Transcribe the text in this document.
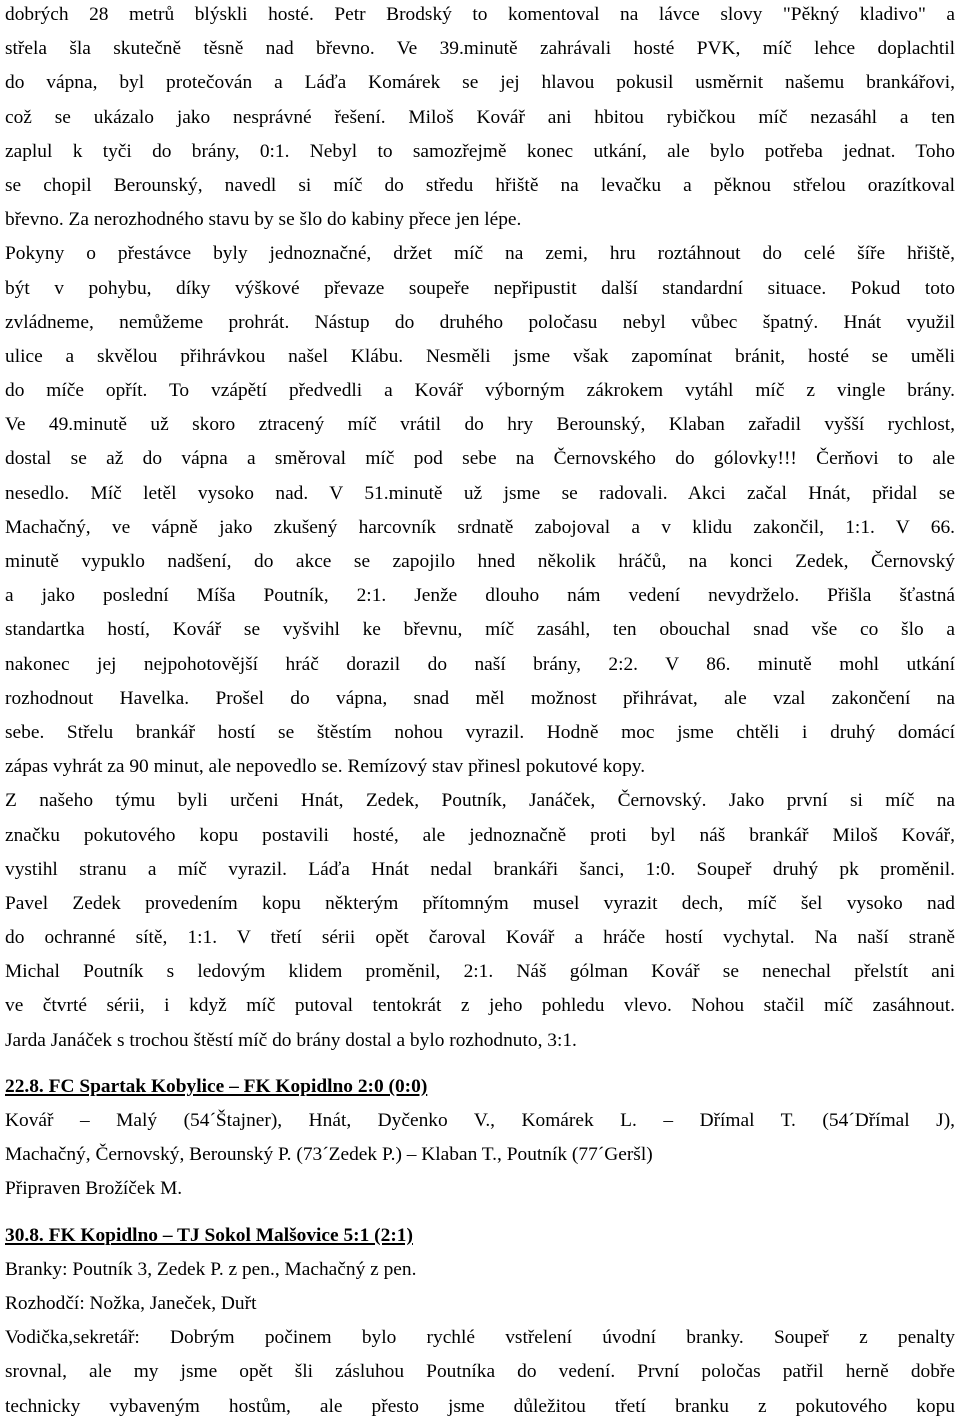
dobrých 28 metrů blýskli hosté. Petr Brodský to komentoval na lávce slovy "Pěkný kladivo" a
střela šla skutečně těsně nad břevno. Ve 39.minutě zahrávali hosté PVK, míč lehce doplachtil
do vápna, byl protečován a Láďa Komárek se jej hlavou pokusil usměrnit našemu brankářovi,
což se ukázalo jako nesprávné řešení. Miloš Kovář ani hbitou rybičkou míč nezasáhl a ten
zaplul k tyči do brány, 0:1. Nebyl to samozřejmě konec utkání, ale bylo potřeba jednat. Toho
se chopil Berounský, navedl si míč do středu hřiště na levačku a pěknou střelou orazítkoval
břevno. Za nerozhodného stavu by se šlo do kabiny přece jen lépe.
Pokyny o přestávce byly jednoznačné, držet míč na zemi, hru roztáhnout do celé šíře hřiště,
být v pohybu, díky výškové převaze soupeře nepřipustit další standardní situace. Pokud toto
zvládneme, nemůžeme prohrát. Nástup do druhého poločasu nebyl vůbec špatný. Hnát využil
ulice a skvělou přihrávkou našel Klábu. Nesměli jsme však zapomínat bránit, hosté se uměli
do míče opřít. To vzápětí předvedli a Kovář výborným zákrokem vytáhl míč z vingle brány.
Ve 49.minutě už skoro ztracený míč vrátil do hry Berounský, Klaban zařadil vyšší rychlost,
dostal se až do vápna a směroval míč pod sebe na Černovského do gólovky!!! Čerňovi to ale
nesedlo. Míč letěl vysoko nad. V 51.minutě už jsme se radovali. Akci začal Hnát, přidal se
Machačný, ve vápně jako zkušený harcovník srdnatě zabojoval a v klidu zakončil, 1:1. V 66.
minutě vypuklo nadšení, do akce se zapojilo hned několik hráčů, na konci Zedek, Černovský
a jako poslední Míša Poutník, 2:1. Jenže dlouho nám vedení nevydrželo. Přišla šťastná
standartka hostí, Kovář se vyšvihl ke břevnu, míč zasáhl, ten obouchal snad vše co šlo a
nakonec jej nejpohotovější hráč dorazil do naší brány, 2:2. V 86. minutě mohl utkání
rozhodnout Havelka. Prošel do vápna, snad měl možnost přihrávat, ale vzal zakončení na
sebe. Střelu brankář hostí se štěstím nohou vyrazil. Hodně moc jsme chtěli i druhý domácí
zápas vyhrát za 90 minut, ale nepovedlo se. Remízový stav přinesl pokutové kopy.
Z našeho týmu byli určeni Hnát, Zedek, Poutník, Janáček, Černovský. Jako první si míč na
značku pokutového kopu postavili hosté, ale jednoznačně proti byl náš brankář Miloš Kovář,
vystihl stranu a míč vyrazil. Láďa Hnát nedal brankáři šanci, 1:0. Soupeř druhý pk proměnil.
Pavel Zedek provedením kopu některým přítomným musel vyrazit dech, míč šel vysoko nad
do ochranné sítě, 1:1. V třetí sérii opět čaroval Kovář a hráče hostí vychytal. Na naší straně
Michal Poutník s ledovým klidem proměnil, 2:1. Náš gólman Kovář se nenechal přelstít ani
ve čtvrté sérii, i když míč putoval tentokrát z jeho pohledu vlevo. Nohou stačil míč zasáhnout.
Jarda Janáček s trochou štěstí míč do brány dostal a bylo rozhodnuto, 3:1.
22.8. FC Spartak Kobylice – FK Kopidlno 2:0 (0:0)
Kovář – Malý (54´Štajner), Hnát, Dyčenko V., Komárek L. – Dřímal T. (54´Dřímal J),
Machačný, Černovský, Berounský P. (73´Zedek P.) – Klaban T., Poutník (77´Geršl)
Připraven Brožíček M.
30.8. FK Kopidlno – TJ Sokol Malšovice 5:1 (2:1)
Branky: Poutník 3, Zedek P. z pen., Machačný z pen.
Rozhodčí: Nožka, Janeček, Duřt
Vodička,sekretář: Dobrým počinem bylo rychlé vstřelení úvodní branky. Soupeř z penalty
srovnal, ale my jsme opět šli zásluhou Poutníka do vedení. První poločas patřil herně dobře
technicky vybaveným hostům, ale přesto jsme důležitou třetí branku z pokutového kopu
